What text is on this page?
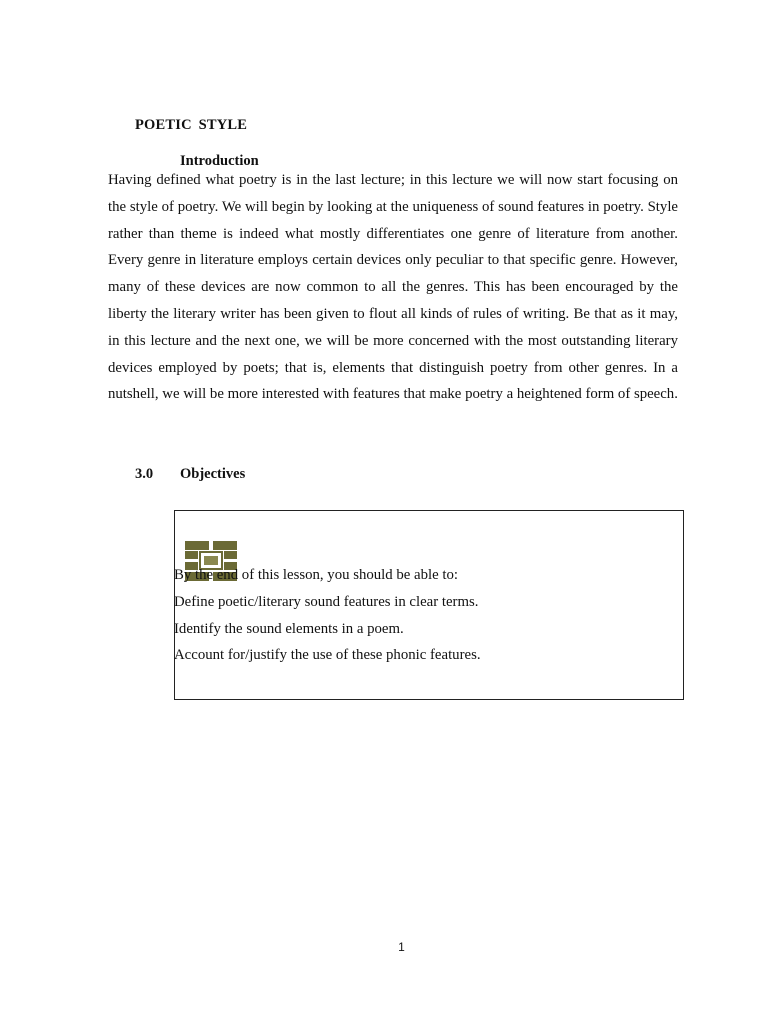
POETIC STYLE
Introduction

Having defined what poetry is in the last lecture; in this lecture we will now start focusing on the style of poetry. We will begin by looking at the uniqueness of sound features in poetry. Style rather than theme is indeed what mostly differentiates one genre of literature from another. Every genre in literature employs certain devices only peculiar to that specific genre. However, many of these devices are now common to all the genres. This has been encouraged by the liberty the literary writer has been given to flout all kinds of rules of writing. Be that as it may, in this lecture and the next one, we will be more concerned with the most outstanding literary devices employed by poets; that is, elements that distinguish poetry from other genres. In a nutshell, we will be more interested with features that make poetry a heightened form of speech.

3.0 Objectives
By the end of this lesson, you should be able to:
Define poetic/literary sound features in clear terms.
Identify the sound elements in a poem.
Account for/justify the use of these phonic features.
1
